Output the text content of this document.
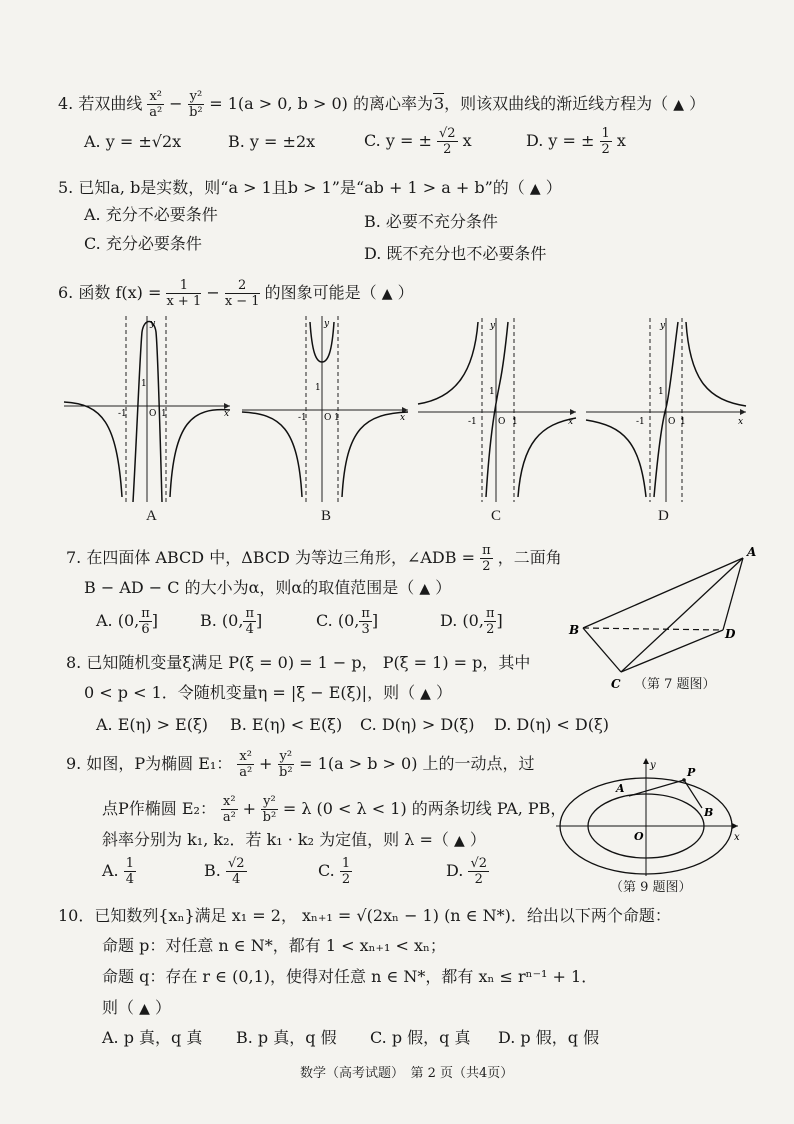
4. 若双曲线 $\frac{\text{x²}}{\text{a²}} - \frac{\text{y²}}{\text{b²}} = 1(a > 0$, b > 0) 的离心率为3，则该双曲线的渐近线方程为（ ▲ ）
A. y = ±√2x	B. y = ±2x	C. y = ± $\frac{√2}{2}$ x	D. y = ± $\frac{1}{2}$ x
5. 已知a, b是实数，则“a > 1且b > 1”是“ab + 1 > a + b”的（ ▲ ）
A. 充分不必要条件	B. 必要不充分条件
C. 充分必要条件
D. 既不充分也不必要条件
6. 函数 $f(x) = \frac{1}{x + 1} - \frac{2}{x - 1}$ 的图象可能是（ ▲ ）
-1 O 1
1
y
x	-1 O 1
1
y
x	-1 O 1
1
y
x	-1	O 1
1
y
x
A	B	C	D
7. 在四面体 ABCD 中，ΔBCD 为等边三角形，∠ADB = $\frac{\pi}{2}$ ，二面角
B − AD − C 的大小为α，则α的取值范围是（ ▲ ）
A. (0, $\frac{\pi}{6}$ ]	B. (0, $\frac{\pi}{4}$ ]	C. (0, $\frac{\pi}{3}$ ]	D. (0, $\frac{\pi}{2}$ ]
A
B	D
C （第 7 题图）
8. 已知随机变量ξ满足 P(ξ = 0) = 1 − p， P(ξ = 1) = p，其中
0 < p < 1．令随机变量η = |ξ − E(ξ)|，则（ ▲ ）
A. E(η) > E(ξ) B. E(η) < E(ξ) C. D(η) > D(ξ) D. D(η) < D(ξ)
9. 如图，P为椭圆 E₁： $\frac{\text{x²}}{\text{a²}} + \frac{\text{y²}}{\text{b²}} = 1(a > b > 0)$ 上的一动点，过
点P作椭圆 E₂： $\frac{\text{x²}}{\text{a²}} + \frac{\text{y²}}{\text{b²}} = \lambda$ (0 < λ < 1) 的两条切线 PA, PB，
斜率分别为 k₁, k₂．若 k₁ · k₂ 为定值，则 λ =（ ▲ ）
A. $\frac{1}{4}$	B. $\frac{√2}{4}$	C. $\frac{1}{2}$	D. $\frac{√2}{2}$
P
A
B
O
y
x
（第 9 题图）
10．已知数列{xₙ}满足 x₁ = 2， xₙ₊₁ = √(2xₙ − 1) (n ∈ N*)．给出以下两个命题：
命题 p：对任意 n ∈ N*，都有 1 < xₙ₊₁ < xₙ；
命题 q：存在 r ∈ (0,1)，使得对任意 n ∈ N*，都有 xₙ ≤ rⁿ⁻¹ + 1．
则（ ▲ ）
A. p 真，q 真 B. p 真，q 假 C. p 假，q 真 D. p 假，q 假
数学（高考试题）　第 2 页（共4页）
